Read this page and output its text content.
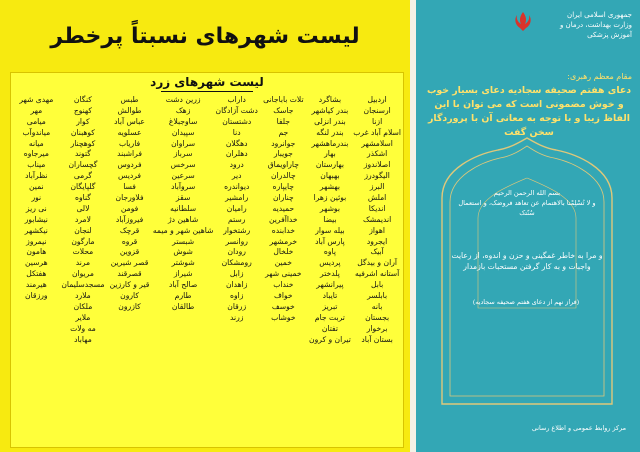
لیست شهرهای نسبتاً پرخطر
لیست شهرهای زرد
اردبیل
بشاگرد
تلات باباجانی
داراب
زرین دشت
طبس
کنگان
مهدی شهر
ارسنجان
بندر کیاشهر
جاسک
دشت آزادگان
زهک
طوالش
کهنوج
مهر
ازنا
بندر انزلی
جلفا
دشتستان
ساوجبلاغ
عباس آباد
کوار
میامی
اسلام آباد غرب
بندر لنگه
جم
دنا
سپیدان
عسلویه
کوهبنان
میاندوآب
اسلامشهر
بندرماهشهر
جوانرود
دهگلان
سراوان
فاریاب
کوهچنار
میانه
اشکذر
بهار
جویبار
دهلران
سرباز
فراشبند
گتوند
میرجاوه
اصلاندوز
بهارستان
چاراویماق
درود
سرخس
فردوس
گچساران
میناب
الیگودرز
بهبهان
چالدران
دیر
سرعین
فردیس
گرمی
نظرآباد
البرز
بهشهر
چایپاره
دیواندره
سروآباد
فسا
گلپایگان
نمین
املش
بوئین زهرا
چناران
رامشیر
سقز
فلاورجان
گناوه
نور
اندیکا
بوشهر
حمیدیه
رامیان
سلطانیه
فومن
لالی
نی ریز
اندیمشک
بیضا
خداآفرین
رستم
شاهین دژ
فیروزآباد
لامرد
نیشابور
اهواز
بیله سوار
خدابنده
رشتخوار
شاهین شهر و میمه
قرچک
لنجان
نیکشهر
ایجرود
پارس آباد
خرمشهر
روانسر
شبستر
قروه
مارگون
نیمروز
آبیک
پاوه
خلخال
رودان
شوش
قزوین
محلات
هامون
آران و بیدگل
پردیس
خمین
رومشکان
شوشتر
قصر شیرین
مرند
هرسین
آستانه اشرفیه
پلدختر
خمینی شهر
زابل
شیراز
قصرقند
مریوان
هفتکل
بابل
پیرانشهر
خنداب
زاهدان
صالح آباد
قیر و کارزین
مسجدسلیمان
هیرمند
بابلسر
تایباد
خواف
زاوه
طارم
کارون
ملارد
ورزقان
بانه
تبریز
خوسف
زرقان
طالقان
کازرون
ملکان
بجستان
تربت جام
خوشاب
زرند
ملایر
برخوار
تفتان
مه ولات
بستان آباد
تیران و کرون
مهاباد
جمهوری اسلامی ایران
وزارت بهداشت، درمان و آموزش پزشکی
مقام معظم رهبری:
دعای هفتم صحیفه سجادیه دعای بسیار خوب و خوش مضمونی است که می توان با این الفاظ زیبا و با توجه به معانی آن با پروردگار سخن گفت
بسم الله الرحمن الرحیم
و لا تُسْلِمْنا بالاهتمام عن تعاهد فروضک، و استعمال سُنّتک
و مرا به خاطر غمگینی و حزن و اندوه، از رعایت واجبات و به کار گرفتن مستحبات بازمدار
(فراز نهم از دعای هفتم صحیفه سجادیه)
مرکز روابط عمومی و اطلاع رسانی
